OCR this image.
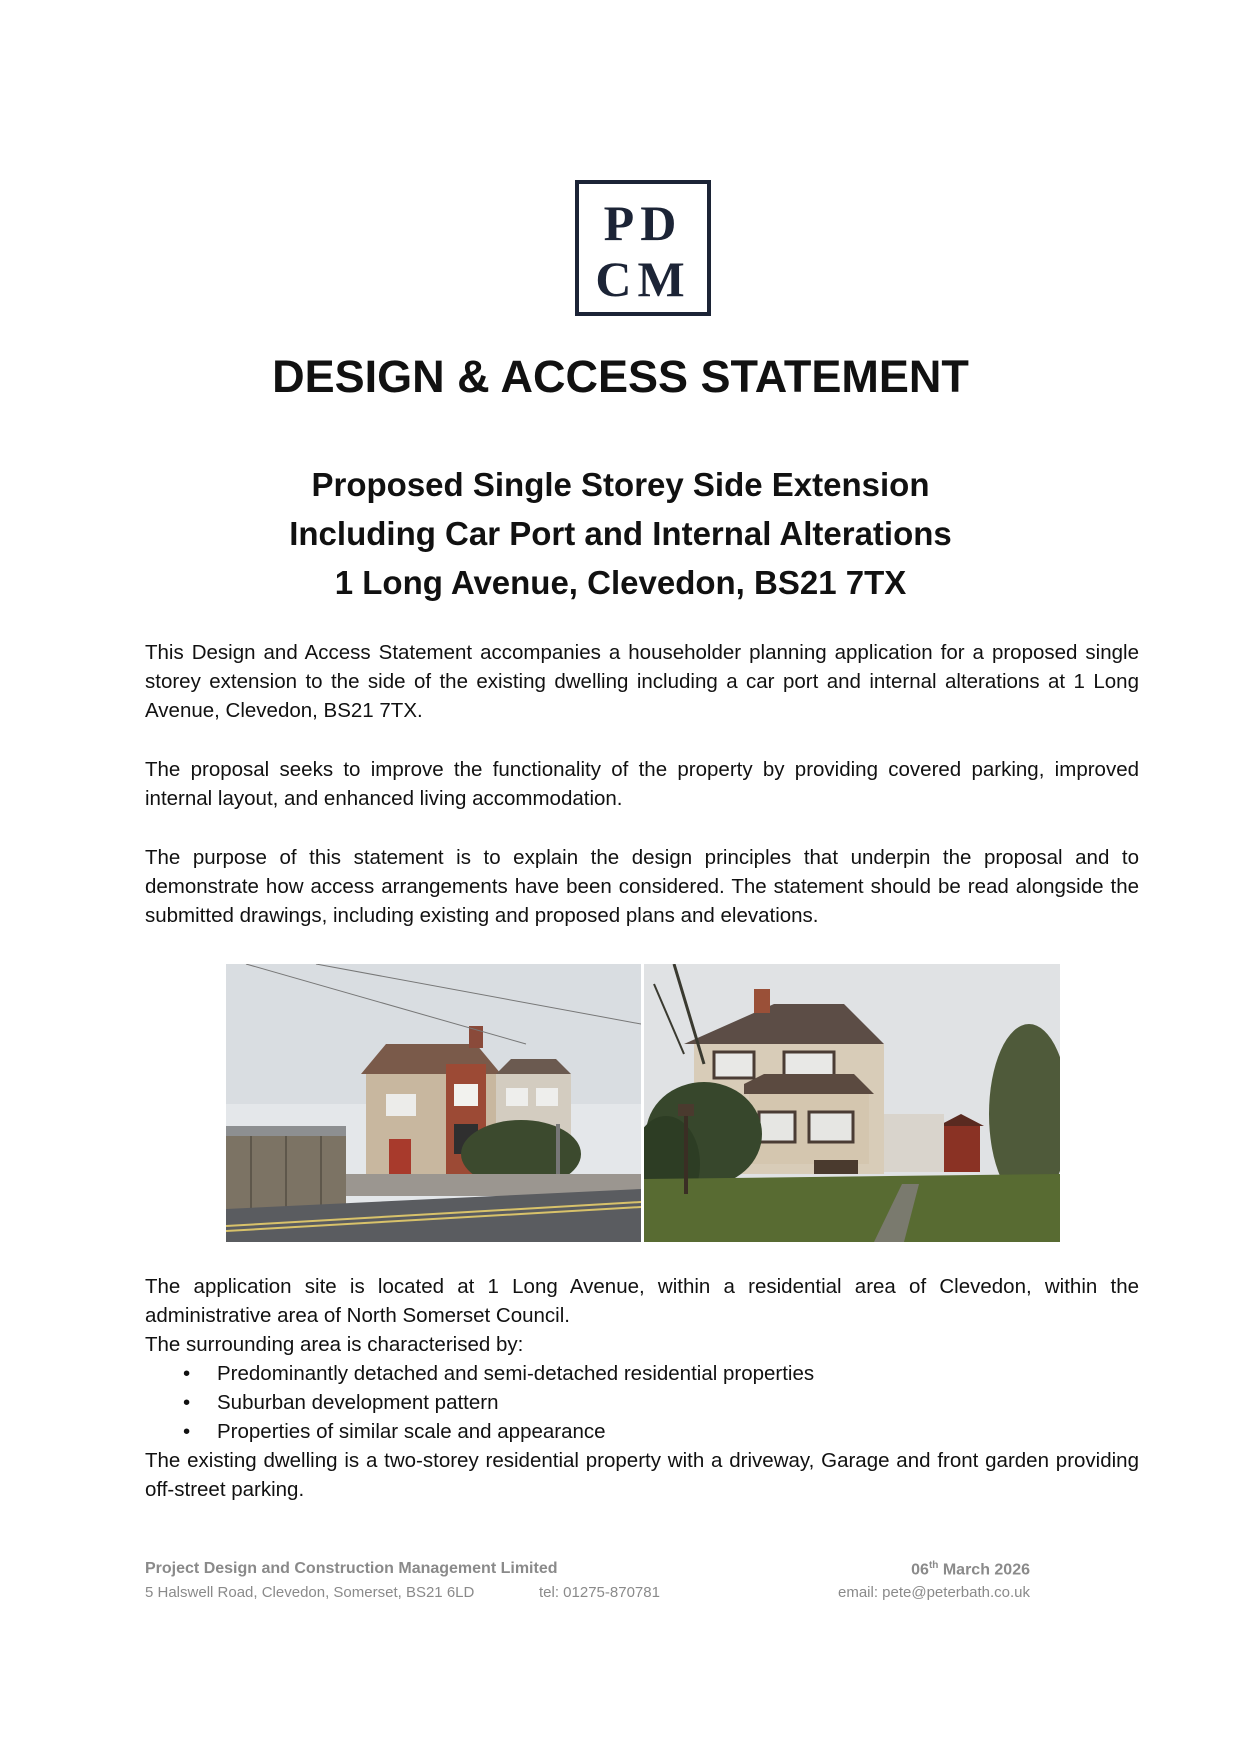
PD
CM
DESIGN & ACCESS STATEMENT
Proposed Single Storey Side Extension
Including Car Port and Internal Alterations
1 Long Avenue, Clevedon, BS21 7TX

This Design and Access Statement accompanies a householder planning application for a proposed single storey extension to the side of the existing dwelling including a car port and internal alterations at 1 Long Avenue, Clevedon, BS21 7TX.

The proposal seeks to improve the functionality of the property by providing covered parking, improved internal layout, and enhanced living accommodation.

The purpose of this statement is to explain the design principles that underpin the proposal and to demonstrate how access arrangements have been considered. The statement should be read alongside the submitted drawings, including existing and proposed plans and elevations.

The application site is located at 1 Long Avenue, within a residential area of Clevedon, within the administrative area of North Somerset Council.

The surrounding area is characterised by:

• Predominantly detached and semi-detached residential properties
• Suburban development pattern
• Properties of similar scale and appearance

The existing dwelling is a two-storey residential property with a driveway, Garage and front garden providing off-street parking.

Project Design and Construction Management Limited	06th March 2026
5 Halswell Road, Clevedon, Somerset, BS21 6LD	tel: 01275-870781	email: pete@peterbath.co.uk
